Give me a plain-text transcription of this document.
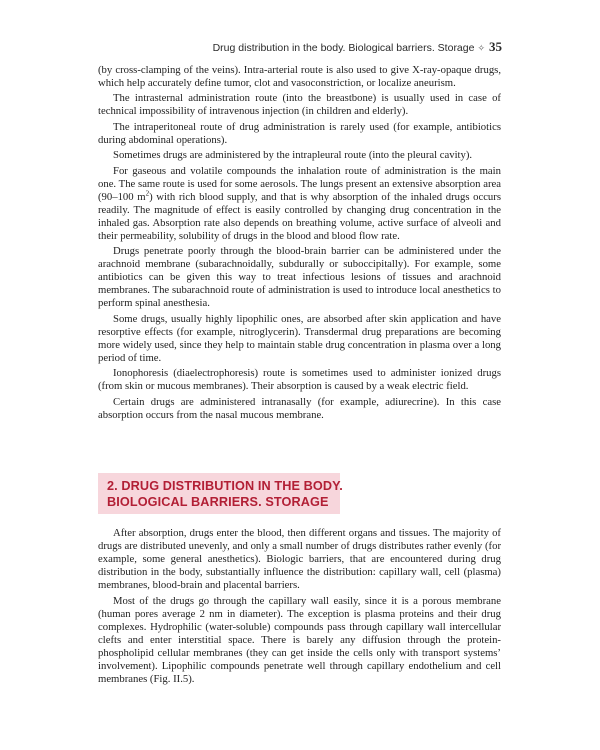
Drug distribution in the body. Biological barriers. Storage ✧ 35

(by cross-clamping of the veins). Intra-arterial route is also used to give X-ray-opaque drugs, which help accurately define tumor, clot and vasoconstriction, or localize aneurism.

The intrasternal administration route (into the breastbone) is usually used in case of technical impossibility of intravenous injection (in children and elderly).

The intraperitoneal route of drug administration is rarely used (for example, antibiotics during abdominal operations).

Sometimes drugs are administered by the intrapleural route (into the pleural cavity).

For gaseous and volatile compounds the inhalation route of administration is the main one. The same route is used for some aerosols. The lungs present an extensive absorption area (90–100 $m^2$) with rich blood supply, and that is why absorption of the inhaled drugs occurs readily. The magnitude of effect is easily controlled by changing drug concentration in the inhaled gas. Absorption rate also depends on breathing volume, active surface of alveoli and their permeability, solubility of drugs in the blood and blood flow rate.

Drugs penetrate poorly through the blood-brain barrier can be administered under the arachnoid membrane (subarachnoidally, subdurally or suboccipitally). For example, some antibiotics can be given this way to treat infectious lesions of tissues and arachnoid membranes. The subarachnoid route of administration is used to introduce local anesthetics to perform spinal anesthesia.

Some drugs, usually highly lipophilic ones, are absorbed after skin application and have resorptive effects (for example, nitroglycerin). Transdermal drug preparations are becoming more widely used, since they help to maintain stable drug concentration in plasma over a long period of time.

Ionophoresis (diaelectrophoresis) route is sometimes used to administer ionized drugs (from skin or mucous membranes). Their absorption is caused by a weak electric field.

Certain drugs are administered intranasally (for example, adiurecrine). In this case absorption occurs from the nasal mucous membrane.

2. DRUG DISTRIBUTION IN THE BODY.
BIOLOGICAL BARRIERS. STORAGE

After absorption, drugs enter the blood, then different organs and tissues. The majority of drugs are distributed unevenly, and only a small number of drugs distributes rather evenly (for example, some general anesthetics). Biologic barriers, that are encountered during drug distribution in the body, substantially influence the distribution: capillary wall, cell (plasma) membranes, blood-brain and placental barriers.

Most of the drugs go through the capillary wall easily, since it is a porous membrane (human pores average 2 nm in diameter). The exception is plasma proteins and their drug complexes. Hydrophilic (water-soluble) compounds pass through capillary wall intercellular clefts and enter interstitial space. There is barely any diffusion through the protein-phospholipid cellular membranes (they can get inside the cells only with transport systems’ involvement). Lipophilic compounds penetrate well through capillary endothelium and cell membranes (Fig. II.5).
